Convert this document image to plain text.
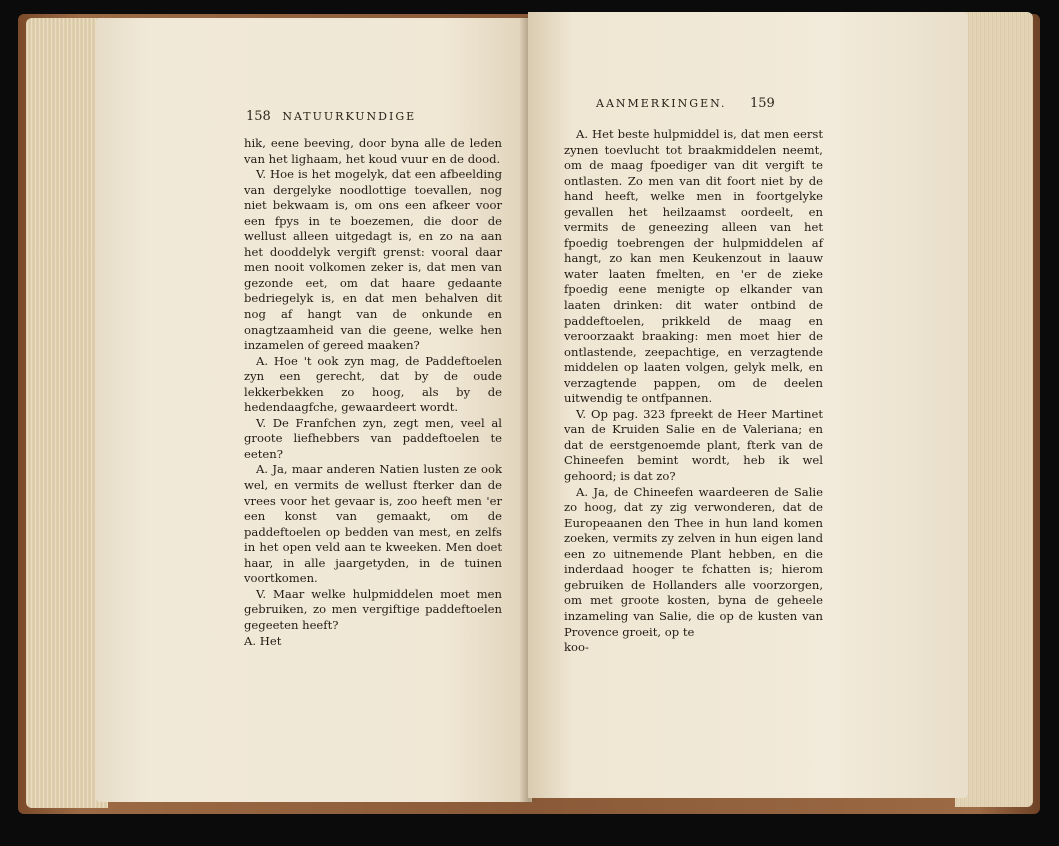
158 NATUURKUNDIGE

hik, eene beeving, door byna alle de leden van het lighaam, het koud vuur en de dood.

V. Hoe is het mogelyk, dat een afbeelding van dergelyke noodlottige toevallen, nog niet bekwaam is, om ons een afkeer voor een fpys in te boezemen, die door de wellust alleen uitgedagt is, en zo na aan het dooddelyk vergift grenst: vooral daar men nooit volkomen zeker is, dat men van gezonde eet, om dat haare gedaante bedriegelyk is, en dat men behalven dit nog af hangt van de onkunde en onagtzaamheid van die geene, welke hen inzamelen of gereed maaken?

A. Hoe 't ook zyn mag, de Paddeftoelen zyn een gerecht, dat by de oude lekkerbekken zo hoog, als by de hedendaagfche, gewaardeert wordt.

V. De Franfchen zyn, zegt men, veel al groote liefhebbers van paddeftoelen te eeten?

A. Ja, maar anderen Natien lusten ze ook wel, en vermits de wellust fterker dan de vrees voor het gevaar is, zoo heeft men 'er een konst van gemaakt, om de paddeftoelen op bedden van mest, en zelfs in het open veld aan te kweeken. Men doet haar, in alle jaargetyden, in de tuinen voortkomen.

V. Maar welke hulpmiddelen moet men gebruiken, zo men vergiftige paddeftoelen gegeeten heeft?

A. Het

AANMERKINGEN. 159

A. Het beste hulpmiddel is, dat men eerst zynen toevlucht tot braakmiddelen neemt, om de maag fpoediger van dit vergift te ontlasten. Zo men van dit foort niet by de hand heeft, welke men in foortgelyke gevallen het heilzaamst oordeelt, en vermits de geneezing alleen van het fpoedig toebrengen der hulpmiddelen af hangt, zo kan men Keukenzout in laauw water laaten fmelten, en 'er de zieke fpoedig eene menigte op elkander van laaten drinken: dit water ontbind de paddeftoelen, prikkeld de maag en veroorzaakt braaking: men moet hier de ontlastende, zeepachtige, en verzagtende middelen op laaten volgen, gelyk melk, en verzagtende pappen, om de deelen uitwendig te ontfpannen.

V. Op pag. 323 fpreekt de Heer Martinet van de Kruiden Salie en de Valeriana; en dat de eerstgenoemde plant, fterk van de Chineefen bemint wordt, heb ik wel gehoord; is dat zo?

A. Ja, de Chineefen waardeeren de Salie zo hoog, dat zy zig verwonderen, dat de Europeaanen den Thee in hun land komen zoeken, vermits zy zelven in hun eigen land een zo uitnemende Plant hebben, en die inderdaad hooger te fchatten is; hierom gebruiken de Hollanders alle voorzorgen, om met groote kosten, byna de geheele inzameling van Salie, die op de kusten van Provence groeit, op te

koo-
